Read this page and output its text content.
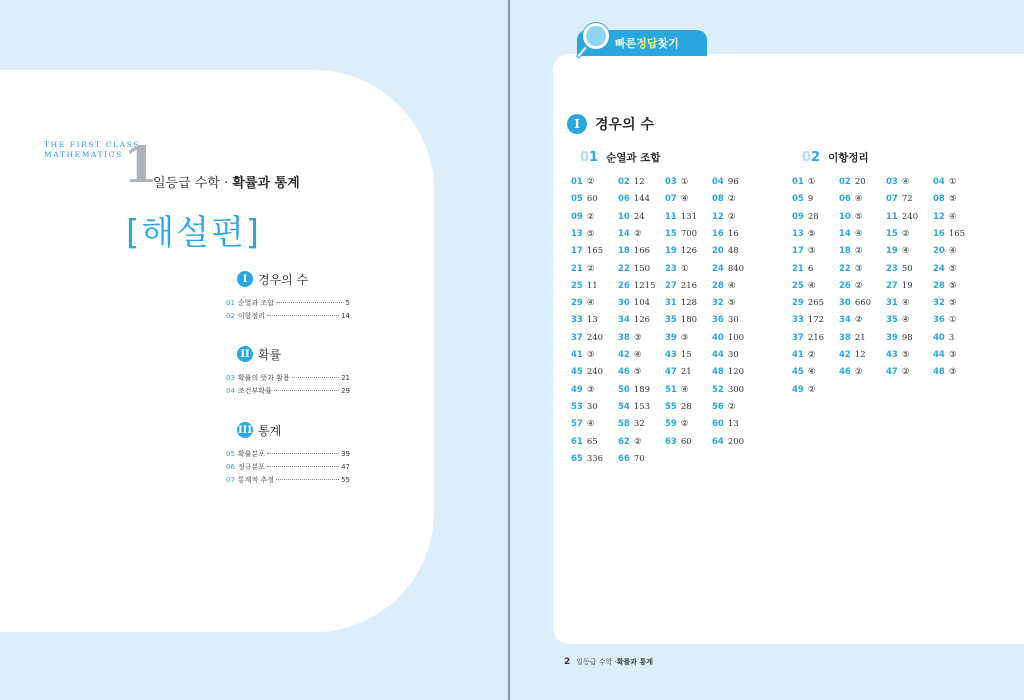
THE FIRST CLASS
MATHEMATICS 1
일등급 수학 · 확률과 통계
[해설편]
I 경우의 수
01 순열과 조합	5
02 이항정리	14
II 확률
03 확률의 뜻과 활용	21
04 조건부확률	29
III 통계
05 확률분포	39
06 정규분포	47
07 통계적 추정	55
빠른 정답 찾기
I	경우의 수
0 1 순열과 조합	0 2 이항정리
01 ②	02 12 03 ①	04 96
05 60 06 144 07 ④	08 ②
09 ②	10 24 11 131 12 ②
13 ⑤	14 ②	15 700 16 16
17 165 18 166 19 126 20 48
21 ②	22 150 23 ①	24 840
25 11 26 1215 27 216 28 ④
29 ④	30 104 31 128 32 ⑤
33 13 34 126 35 180 36 30
37 240 38 ③	39 ③	40 100
41 ③	42 ④	43 15 44 30
45 240 46 ⑤	47 21 48 120
49 ③	50 189 51 ④	52 300
53 30 54 153 55 28 56 ②
57 ④	58 32 59 ②	60 13
61 65 62 ②	63 60 64 200
65 336 66 70
01 ①	02 20 03 ④	04 ①
05 9	06 ④	07 72 08 ⑤
09 28 10 ⑤	11 240 12 ④
13 ⑤	14 ④	15 ②	16 165
17 ③	18 ②	19 ④	20 ④
21 6	22 ③	23 50 24 ⑤
25 ④	26 ②	27 19 28 ⑤
29 265 30 660 31 ④	32 ⑤
33 172 34 ②	35 ④	36 ①
37 216 38 21 39 98 40 3
41 ②	42 12 43 ⑤	44 ③
45 ④	46 ②	47 ②	48 ③
49 ②
2 일등급 수학 · 확률과 통계
